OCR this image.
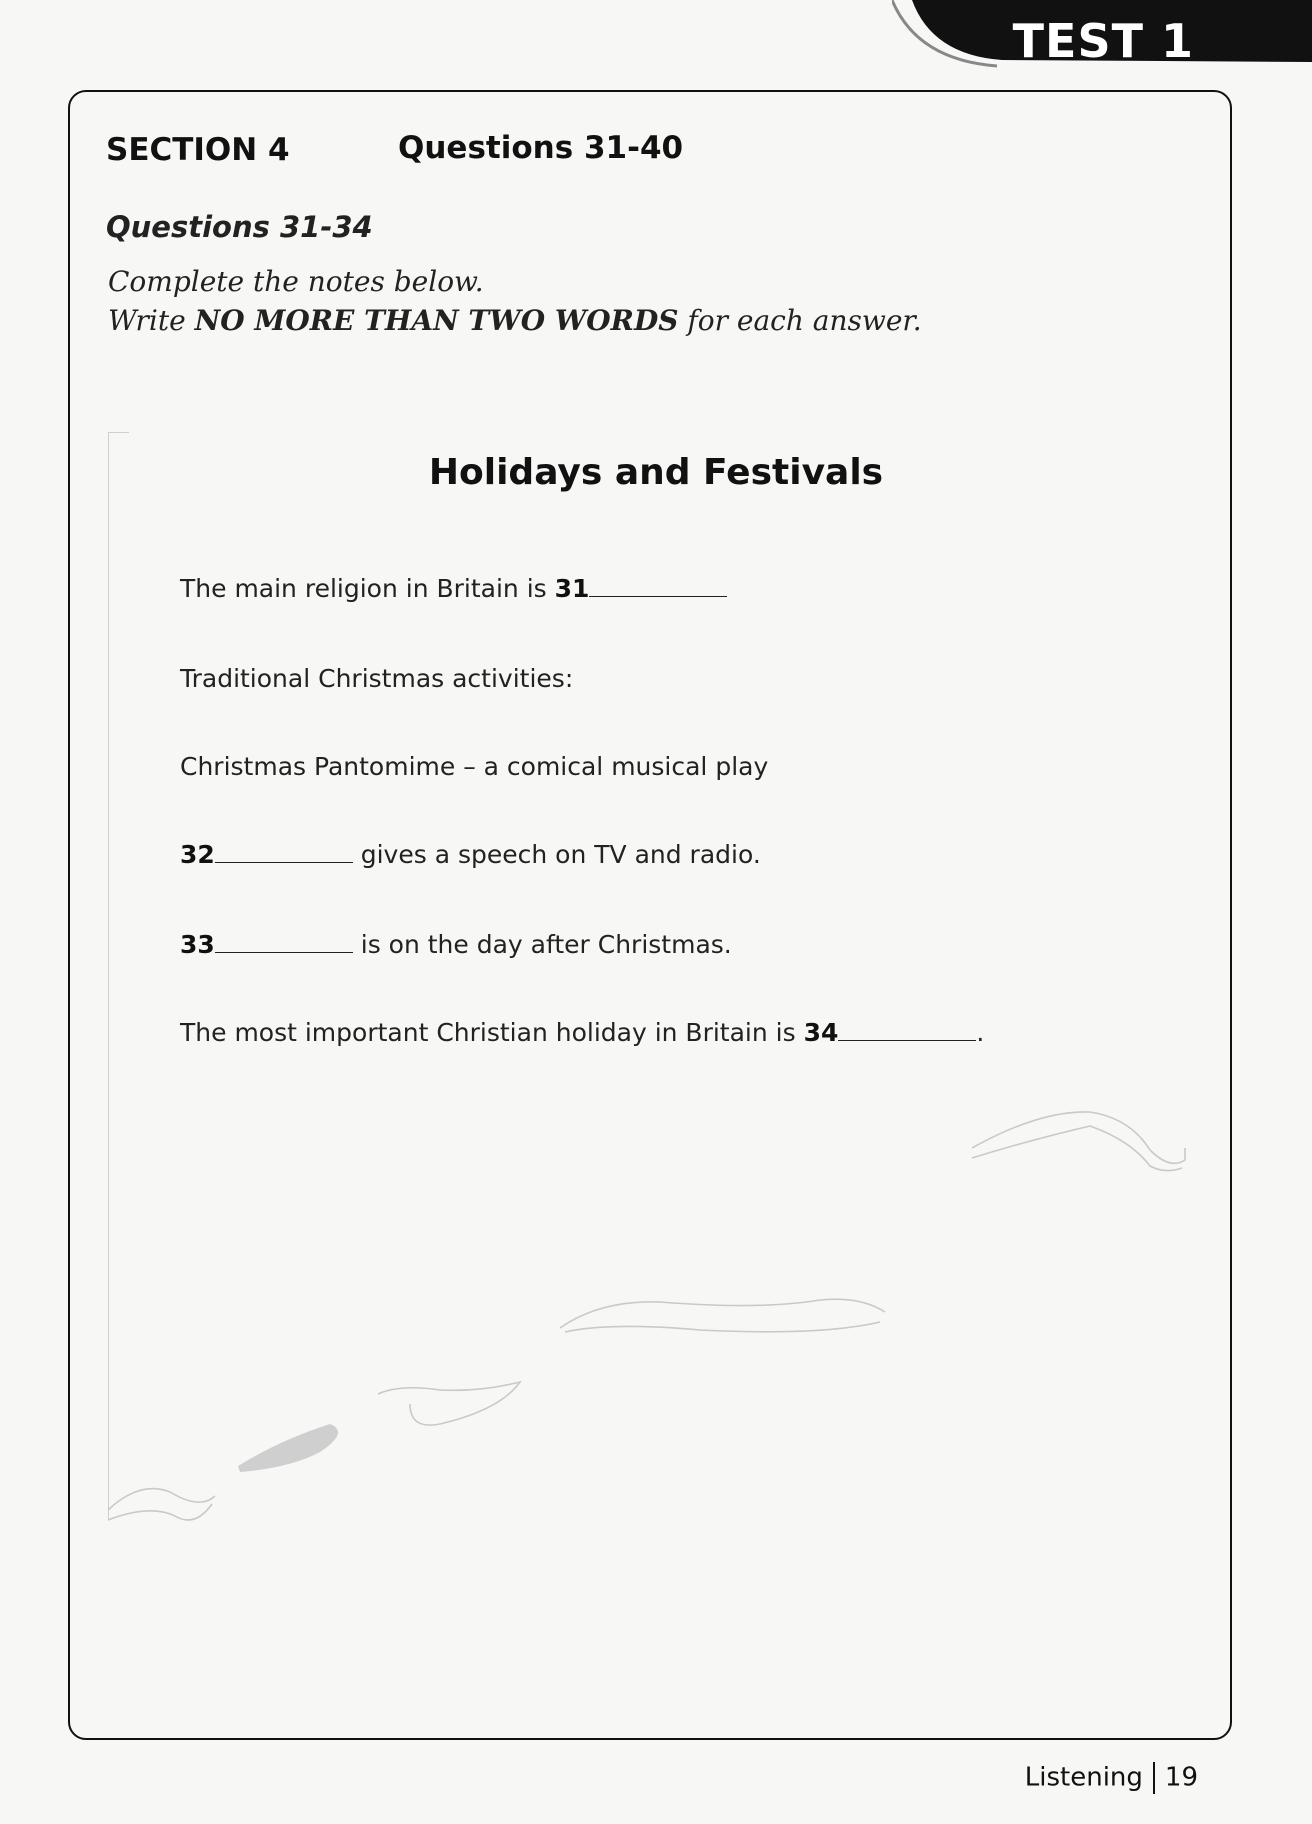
TEST 1
SECTION 4	Questions 31-40
Questions 31-34
Complete the notes below.
Write NO MORE THAN TWO WORDS for each answer.
Holidays and Festivals
The main religion in Britain is 31
Traditional Christmas activities:
Christmas Pantomime – a comical musical play
32	gives a speech on TV and radio.
33	is on the day after Christmas.
The most important Christian holiday in Britain is 34	.
Listening 19
